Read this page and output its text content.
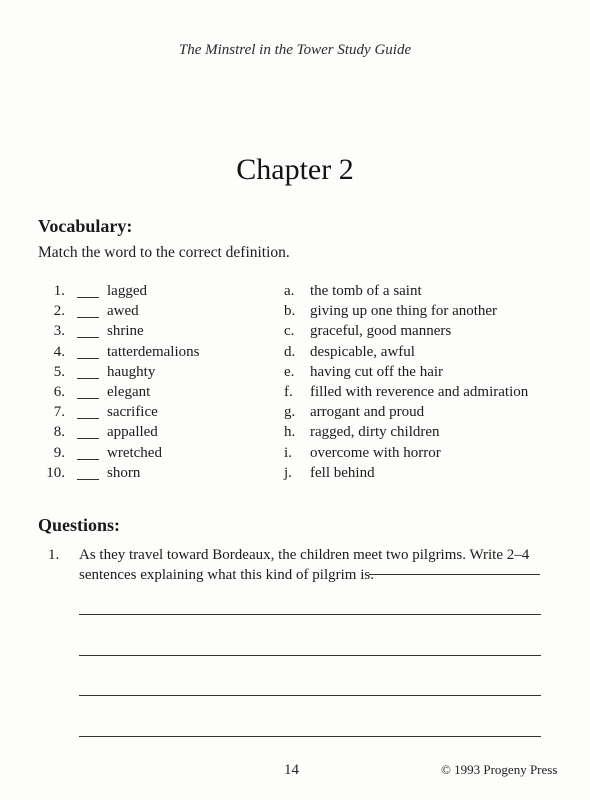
The Minstrel in the Tower Study Guide
Chapter 2
Vocabulary:
Match the word to the correct definition.
1.	lagged	a. the tomb of a saint
2.	awed	b. giving up one thing for another
3.	shrine	c. graceful, good manners
4.	tatterdemalions	d. despicable, awful
5.	haughty	e. having cut off the hair
6.	elegant	f. filled with reverence and admiration
7.	sacrifice	g. arrogant and proud
8.	appalled	h. ragged, dirty children
9.	wretched	i. overcome with horror
10.	shorn	j. fell behind
Questions:
1. As they travel toward Bordeaux, the children meet two pilgrims. Write 2–4 sentences explaining what this kind of pilgrim is.
14	© 1993 Progeny Press
